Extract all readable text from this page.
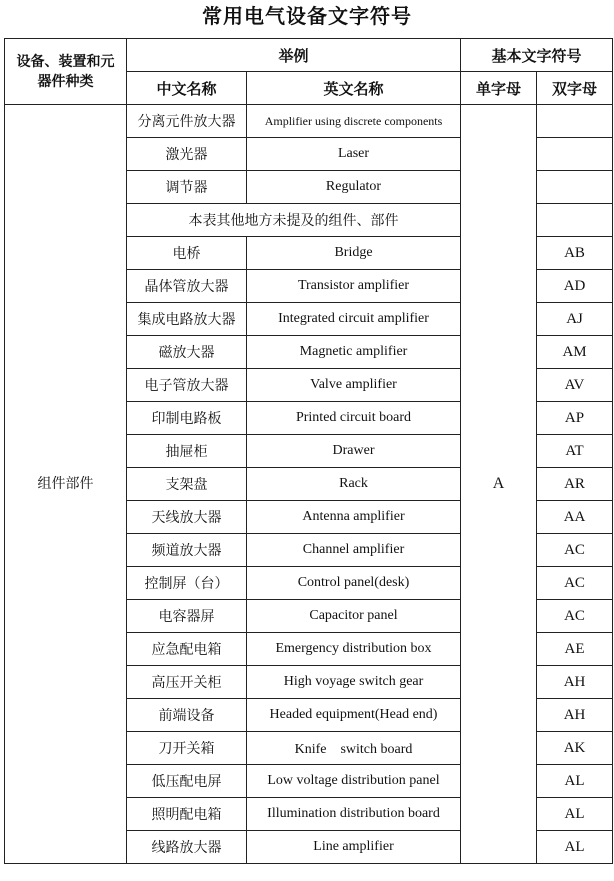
常用电气设备文字符号
设备、装置和元器件种类	举例		基本文字符号	
	中文名称	英文名称	单字母	双字母
组件部件	分离元件放大器	Amplifier using discrete components	A	
	激光器	Laser		
	调节器	Regulator		
	本表其他地方未提及的组件、部件			
	电桥	Bridge		AB
	晶体管放大器	Transistor amplifier		AD
	集成电路放大器	Integrated circuit amplifier		AJ
	磁放大器	Magnetic amplifier		AM
	电子管放大器	Valve amplifier		AV
	印制电路板	Printed circuit board		AP
	抽屉柜	Drawer		AT
	支架盘	Rack		AR
	天线放大器	Antenna amplifier		AA
	频道放大器	Channel amplifier		AC
	控制屏（台）	Control panel(desk)		AC
	电容器屏	Capacitor panel		AC
	应急配电箱	Emergency distribution box		AE
	高压开关柜	High voyage switch gear		AH
	前端设备	Headed equipment(Head end)		AH
	刀开关箱	Knife　switch board		AK
	低压配电屏	Low voltage distribution panel		AL
	照明配电箱	Illumination distribution board		AL
	线路放大器	Line amplifier		AL
